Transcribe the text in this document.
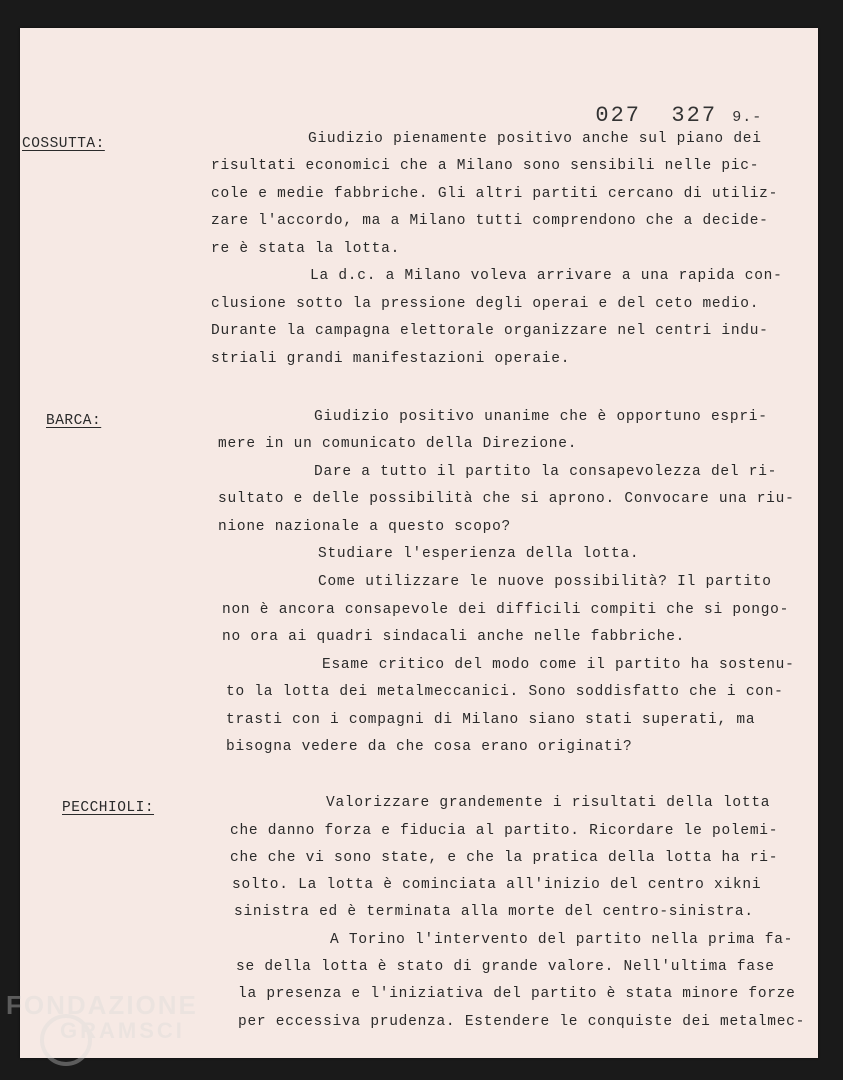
027  327 9.-

COSSUTTA:	Giudizio pienamente positivo anche sul piano dei
risultati economici che a Milano sono sensibili nelle pic-
cole e medie fabbriche. Gli altri partiti cercano di utiliz-
zare l'accordo, ma a Milano tutti comprendono che a decide-
re è stata la lotta.
La d.c. a Milano voleva arrivare a una rapida con-
clusione sotto la pressione degli operai e del ceto medio.
Durante la campagna elettorale organizzare nel centri indu-
striali grandi manifestazioni operaie.
BARCA:	Giudizio positivo unanime che è opportuno espri-
mere in un comunicato della Direzione.
Dare a tutto il partito la consapevolezza del ri-
sultato e delle possibilità che si aprono. Convocare una riu-
nione nazionale a questo scopo?
Studiare l'esperienza della lotta.
Come utilizzare le nuove possibilità? Il partito
non è ancora consapevole dei difficili compiti che si pongo-
no ora ai quadri sindacali anche nelle fabbriche.
Esame critico del modo come il partito ha sostenu-
to la lotta dei metalmeccanici. Sono soddisfatto che i con-
trasti con i compagni di Milano siano stati superati, ma
bisogna vedere da che cosa erano originati?
PECCHIOLI:	Valorizzare grandemente i risultati della lotta
che danno forza e fiducia al partito. Ricordare le polemi-
che che vi sono state, e che la pratica della lotta ha ri-
solto. La lotta è cominciata all'inizio del centro xikni
sinistra ed è terminata alla morte del centro-sinistra.
A Torino l'intervento del partito nella prima fa-
se della lotta è stato di grande valore. Nell'ultima fase
la presenza e l'iniziativa del partito è stata minore forze
per eccessiva prudenza. Estendere le conquiste dei metalmec-
FONDAZIONE
GRAMSCI
